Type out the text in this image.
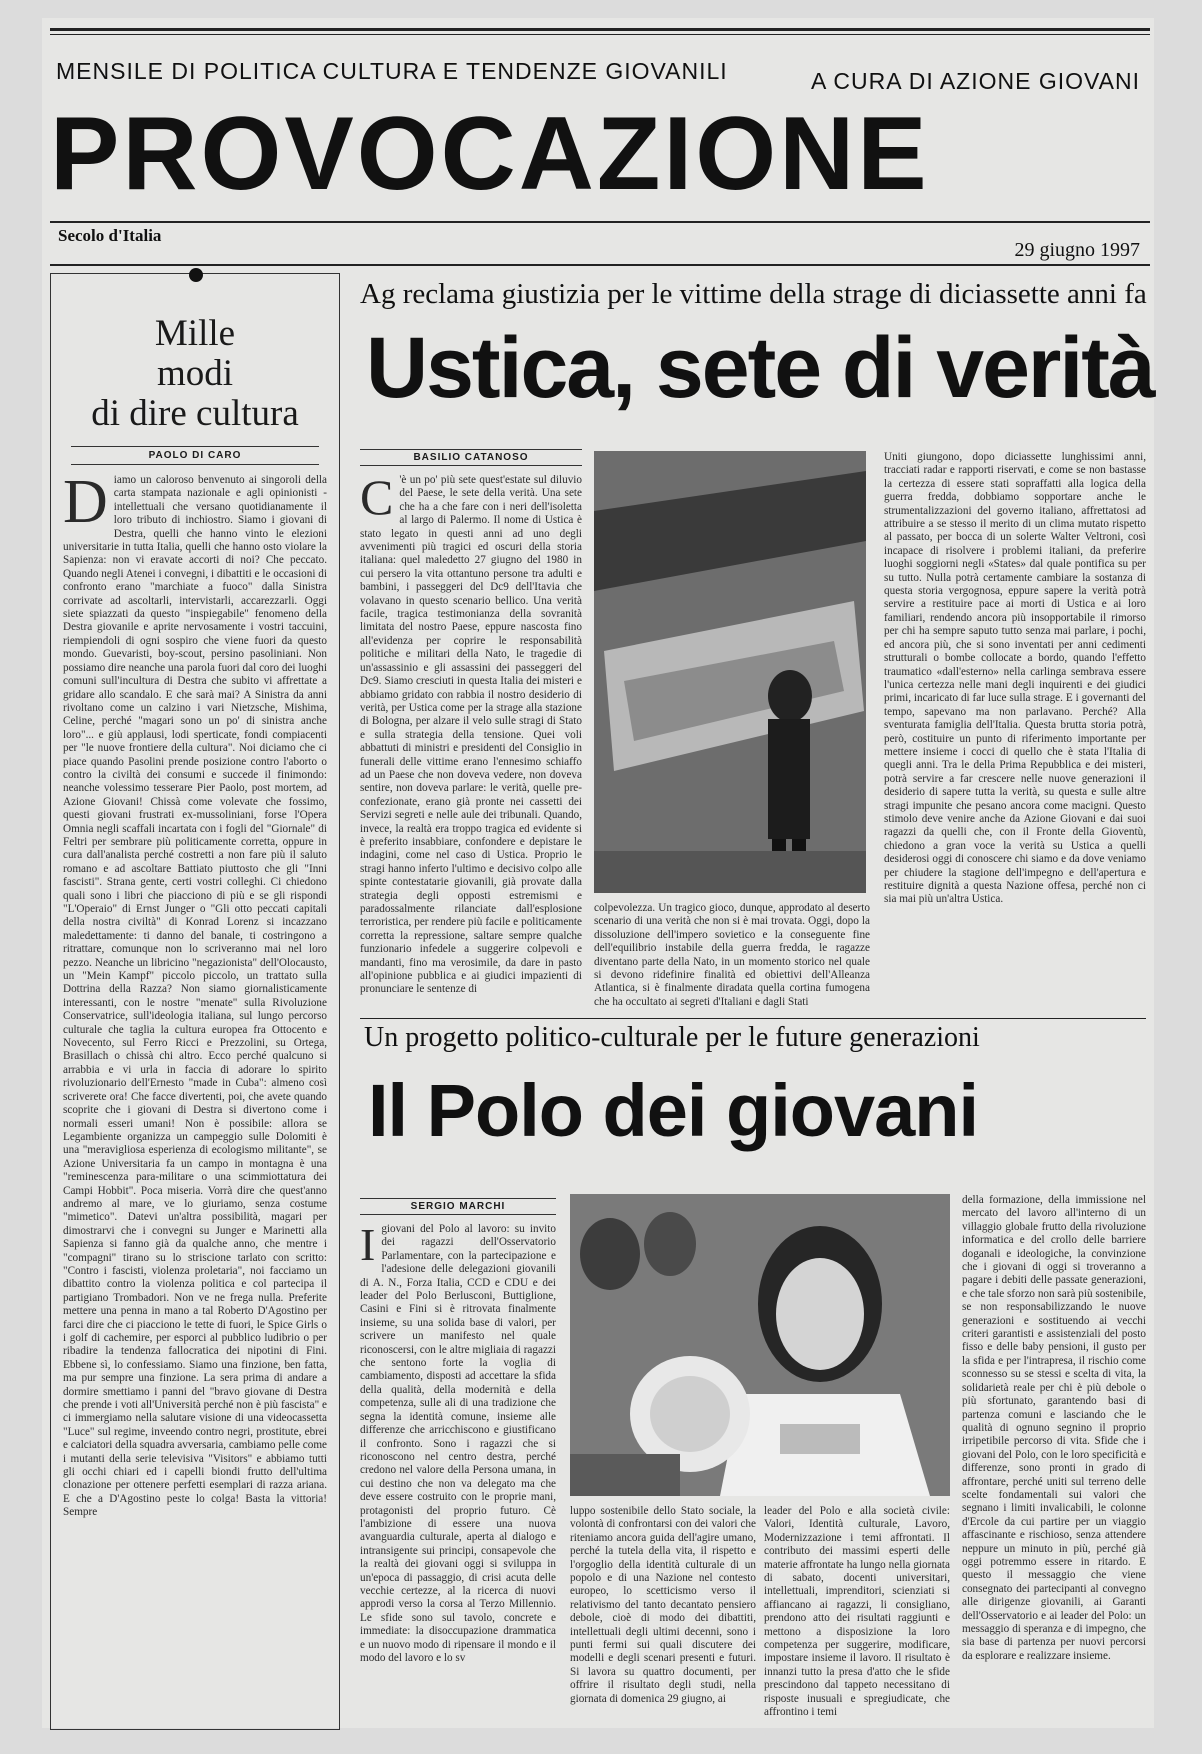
MENSILE DI POLITICA CULTURA E TENDENZE GIOVANILI	A CURA DI AZIONE GIOVANI
PROVOCAZIONE
Secolo d'Italia
29 giugno 1997
Mille
modi
di dire cultura
PAOLO DI CARO
Diamo un caloroso benvenuto ai singoroli della carta stampata nazionale e agli opinionisti - intellettuali che versano quotidianamente il loro tributo di inchiostro. Siamo i giovani di Destra, quelli che hanno vinto le elezioni universitarie in tutta Italia, quelli che hanno osto violare la Sapienza: non vi eravate accorti di noi? Che peccato. Quando negli Atenei i convegni, i dibattiti e le occasioni di confronto erano "marchiate a fuoco" dalla Sinistra corrivate ad ascoltarli, intervistarli, accarezzarli. Oggi siete spiazzati da questo "inspiegabile" fenomeno della Destra giovanile e aprite nervosamente i vostri taccuini, riempiendoli di ogni sospiro che viene fuori da questo mondo. Guevaristi, boy-scout, persino pasoliniani. Non possiamo dire neanche una parola fuori dal coro dei luoghi comuni sull'incultura di Destra che subito vi affrettate a gridare allo scandalo. E che sarà mai? A Sinistra da anni rivoltano come un calzino i vari Nietzsche, Mishima, Celine, perché "magari sono un po' di sinistra anche loro"... e giù applausi, lodi sperticate, fondi compiacenti per "le nuove frontiere della cultura". Noi diciamo che ci piace quando Pasolini prende posizione contro l'aborto o contro la civiltà dei consumi e succede il finimondo: neanche volessimo tesserare Pier Paolo, post mortem, ad Azione Giovani! Chissà come volevate che fossimo, questi giovani frustrati ex-mussoliniani, forse l'Opera Omnia negli scaffali incartata con i fogli del "Giornale" di Feltri per sembrare più politicamente corretta, oppure in cura dall'analista perché costretti a non fare più il saluto romano e ad ascoltare Battiato piuttosto che gli "Inni fascisti". Strana gente, certi vostri colleghi. Ci chiedono quali sono i libri che piacciono di più e se gli rispondi "L'Operaio" di Ernst Junger o "Gli otto peccati capitali della nostra civiltà" di Konrad Lorenz si incazzano maledettamente: ti danno del banale, ti costringono a ritrattare, comunque non lo scriveranno mai nel loro pezzo. Neanche un libricino "negazionista" dell'Olocausto, un "Mein Kampf" piccolo piccolo, un trattato sulla Dottrina della Razza? Non siamo giornalisticamente interessanti, con le nostre "menate" sulla Rivoluzione Conservatrice, sull'ideologia italiana, sul lungo percorso culturale che taglia la cultura europea fra Ottocento e Novecento, sul Ferro Ricci e Prezzolini, su Ortega, Brasillach o chissà chi altro. Ecco perché qualcuno si arrabbia e vi urla in faccia di adorare lo spirito rivoluzionario dell'Ernesto "made in Cuba": almeno così scriverete ora! Che facce divertenti, poi, che avete quando scoprite che i giovani di Destra si divertono come i normali esseri umani! Non è possibile: allora se Legambiente organizza un campeggio sulle Dolomiti è una "meravigliosa esperienza di ecologismo militante", se Azione Universitaria fa un campo in montagna è una "reminescenza para-militare o una scimmiottatura dei Campi Hobbit". Poca miseria. Vorrà dire che quest'anno andremo al mare, ve lo giuriamo, senza costume "mimetico". Datevi un'altra possibilità, magari per dimostrarvi che i convegni su Junger e Marinetti alla Sapienza si fanno già da qualche anno, che mentre i "compagni" tirano su lo striscione tarlato con scritto: "Contro i fascisti, violenza proletaria", noi facciamo un dibattito contro la violenza politica e col partecipa il partigiano Trombadori. Non ve ne frega nulla. Preferite mettere una penna in mano a tal Roberto D'Agostino per farci dire che ci piacciono le tette di fuori, le Spice Girls o i golf di cachemire, per esporci al pubblico ludibrio o per ribadire la tendenza fallocratica dei nipotini di Fini. Ebbene sì, lo confessiamo. Siamo una finzione, ben fatta, ma pur sempre una finzione. La sera prima di andare a dormire smettiamo i panni del "bravo giovane di Destra che prende i voti all'Università perché non è più fascista" e ci immergiamo nella salutare visione di una videocassetta "Luce" sul regime, inveendo contro negri, prostitute, ebrei e calciatori della squadra avversaria, cambiamo pelle come i mutanti della serie televisiva "Visitors" e abbiamo tutti gli occhi chiari ed i capelli biondi frutto dell'ultima clonazione per ottenere perfetti esemplari di razza ariana. E che a D'Agostino peste lo colga! Basta la vittoria! Sempre
Ag reclama giustizia per le vittime della strage di diciassette anni fa
Ustica, sete di verità
BASILIO CATANOSO
C 'è un po' più sete quest'estate sul diluvio del Paese, le sete della verità. Una sete che ha a che fare con i neri dell'isoletta al largo di Palermo. Il nome di Ustica è stato legato in questi anni ad uno degli avvenimenti più tragici ed oscuri della storia italiana: quel maledetto 27 giugno del 1980 in cui persero la vita ottantuno persone tra adulti e bambini, i passeggeri del Dc9 dell'Itavia che volavano in questo scenario bellico. Una verità facile, tragica testimonianza della sovranità limitata del nostro Paese, eppure nascosta fino all'evidenza per coprire le responsabilità politiche e militari della Nato, le tragedie di un'assassinio e gli assassini dei passeggeri del Dc9. Siamo cresciuti in questa Italia dei misteri e abbiamo gridato con rabbia il nostro desiderio di verità, per Ustica come per la strage alla stazione di Bologna, per alzare il velo sulle stragi di Stato e sulla strategia della tensione. Quei voli abbattuti di ministri e presidenti del Consiglio in funerali delle vittime erano l'ennesimo schiaffo ad un Paese che non doveva vedere, non doveva sentire, non doveva parlare: le verità, quelle pre-confezionate, erano già pronte nei cassetti dei Servizi segreti e nelle aule dei tribunali. Quando, invece, la realtà era troppo tragica ed evidente si è preferito insabbiare, confondere e depistare le indagini, come nel caso di Ustica. Proprio le stragi hanno inferto l'ultimo e decisivo colpo alle spinte contestatarie giovanili, già provate dalla strategia degli opposti estremismi e paradossalmente rilanciate dall'esplosione terroristica, per rendere più facile e politicamente corretta la repressione, saltare sempre qualche funzionario infedele a suggerire colpevoli e mandanti, fino ma verosimile, da dare in pasto all'opinione pubblica e ai giudici impazienti di pronunciare le sentenze di
Uniti giungono, dopo diciassette lunghissimi anni, tracciati radar e rapporti riservati, e come se non bastasse la certezza di essere stati sopraffatti alla logica della guerra fredda, dobbiamo sopportare anche le strumentalizzazioni del governo italiano, affrettatosi ad attribuire a se stesso il merito di un clima mutato rispetto al passato, per bocca di un solerte Walter Veltroni, così incapace di risolvere i problemi italiani, da preferire luoghi soggiorni negli «States» dal quale pontifica su per su tutto. Nulla potrà certamente cambiare la sostanza di questa storia vergognosa, eppure sapere la verità potrà servire a restituire pace ai morti di Ustica e ai loro familiari, rendendo ancora più insopportabile il rimorso per chi ha sempre saputo tutto senza mai parlare, i pochi, ed ancora più, che si sono inventati per anni cedimenti strutturali o bombe collocate a bordo, quando l'effetto traumatico «dall'esterno» nella carlinga sembrava essere l'unica certezza nelle mani degli inquirenti e dei giudici primi, incaricato di far luce sulla strage. E i governanti del tempo, sapevano ma non parlavano. Perché? Alla sventurata famiglia dell'Italia. Questa brutta storia potrà, però, costituire un punto di riferimento importante per mettere insieme i cocci di quello che è stata l'Italia di quegli anni. Tra le della Prima Repubblica e dei misteri, potrà servire a far crescere nelle nuove generazioni il desiderio di sapere tutta la verità, su questa e sulle altre stragi impunite che pesano ancora come macigni. Questo stimolo deve venire anche da Azione Giovani e dai suoi ragazzi da quelli che, con il Fronte della Gioventù, chiedono a gran voce la verità su Ustica a quelli desiderosi oggi di conoscere chi siamo e da dove veniamo per chiudere la stagione dell'impegno e dell'apertura e restituire dignità a questa Nazione offesa, perché non ci sia mai più un'altra Ustica.
colpevolezza. Un tragico gioco, dunque, approdato al deserto scenario di una verità che non si è mai trovata. Oggi, dopo la dissoluzione dell'impero sovietico e la conseguente fine dell'equilibrio instabile della guerra fredda, le ragazze diventano parte della Nato, in un momento storico nel quale si devono ridefinire finalità ed obiettivi dell'Alleanza Atlantica, si è finalmente diradata quella cortina fumogena che ha occultato ai segreti d'Italiani e dagli Stati
Un progetto politico-culturale per le future generazioni
Il Polo dei giovani
SERGIO MARCHI
Igiovani del Polo al lavoro: su invito dei ragazzi dell'Osservatorio Parlamentare, con la partecipazione e l'adesione delle delegazioni giovanili di A. N., Forza Italia, CCD e CDU e dei leader del Polo Berlusconi, Buttiglione, Casini e Fini si è ritrovata finalmente insieme, su una solida base di valori, per scrivere un manifesto nel quale riconoscersi, con le altre migliaia di ragazzi che sentono forte la voglia di cambiamento, disposti ad accettare la sfida della qualità, della modernità e della competenza, sulle ali di una tradizione che segna la identità comune, insieme alle differenze che arricchiscono e giustificano il confronto. Sono i ragazzi che si riconoscono nel centro destra, perché credono nel valore della Persona umana, in cui destino che non va delegato ma che deve essere costruito con le proprie mani, protagonisti del proprio futuro. Cè l'ambizione di essere una nuova avanguardia culturale, aperta al dialogo e intransigente sui principi, consapevole che la realtà dei giovani oggi si sviluppa in un'epoca di passaggio, di crisi acuta delle vecchie certezze, al la ricerca di nuovi approdi verso la corsa al Terzo Millennio. Le sfide sono sul tavolo, concrete e immediate: la disoccupazione drammatica e un nuovo modo di ripensare il mondo e il modo del lavoro e lo sv
luppo sostenibile dello Stato sociale, la volontà di confrontarsi con dei valori che riteniamo ancora guida dell'agire umano, perché la tutela della vita, il rispetto e l'orgoglio della identità culturale di un popolo e di una Nazione nel contesto europeo, lo scetticismo verso il relativismo del tanto decantato pensiero debole, cioè di modo dei dibattiti, intellettuali degli ultimi decenni, sono i punti fermi sui quali discutere dei modelli e degli scenari presenti e futuri. Si lavora su quattro documenti, per offrire il risultato degli studi, nella giornata di domenica 29 giugno, ai
leader del Polo e alla società civile: Valori, Identità culturale, Lavoro, Modernizzazione i temi affrontati. Il contributo dei massimi esperti delle materie affrontate ha lungo nella giornata di sabato, docenti universitari, intellettuali, imprenditori, scienziati si affiancano ai ragazzi, li consigliano, prendono atto dei risultati raggiunti e mettono a disposizione la loro competenza per suggerire, modificare, impostare insieme il lavoro. Il risultato è innanzi tutto la presa d'atto che le sfide prescindono dal tappeto necessitano di risposte inusuali e spregiudicate, che affrontino i temi
della formazione, della immissione nel mercato del lavoro all'interno di un villaggio globale frutto della rivoluzione informatica e del crollo delle barriere doganali e ideologiche, la convinzione che i giovani di oggi si troveranno a pagare i debiti delle passate generazioni, e che tale sforzo non sarà più sostenibile, se non responsabilizzando le nuove generazioni e sostituendo ai vecchi criteri garantisti e assistenziali del posto fisso e delle baby pensioni, il gusto per la sfida e per l'intrapresa, il rischio come sconnesso su se stessi e scelta di vita, la solidarietà reale per chi è più debole o più sfortunato, garantendo basi di partenza comuni e lasciando che le qualità di ognuno segnino il proprio irripetibile percorso di vita. Sfide che i giovani del Polo, con le loro specificità e differenze, sono pronti in grado di affrontare, perché uniti sul terreno delle scelte fondamentali sui valori che segnano i limiti invalicabili, le colonne d'Ercole da cui partire per un viaggio affascinante e rischioso, senza attendere neppure un minuto in più, perché già oggi potremmo essere in ritardo. E questo il messaggio che viene consegnato dei partecipanti al convegno alle dirigenze giovanili, ai Garanti dell'Osservatorio e ai leader del Polo: un messaggio di speranza e di impegno, che sia base di partenza per nuovi percorsi da esplorare e realizzare insieme.
